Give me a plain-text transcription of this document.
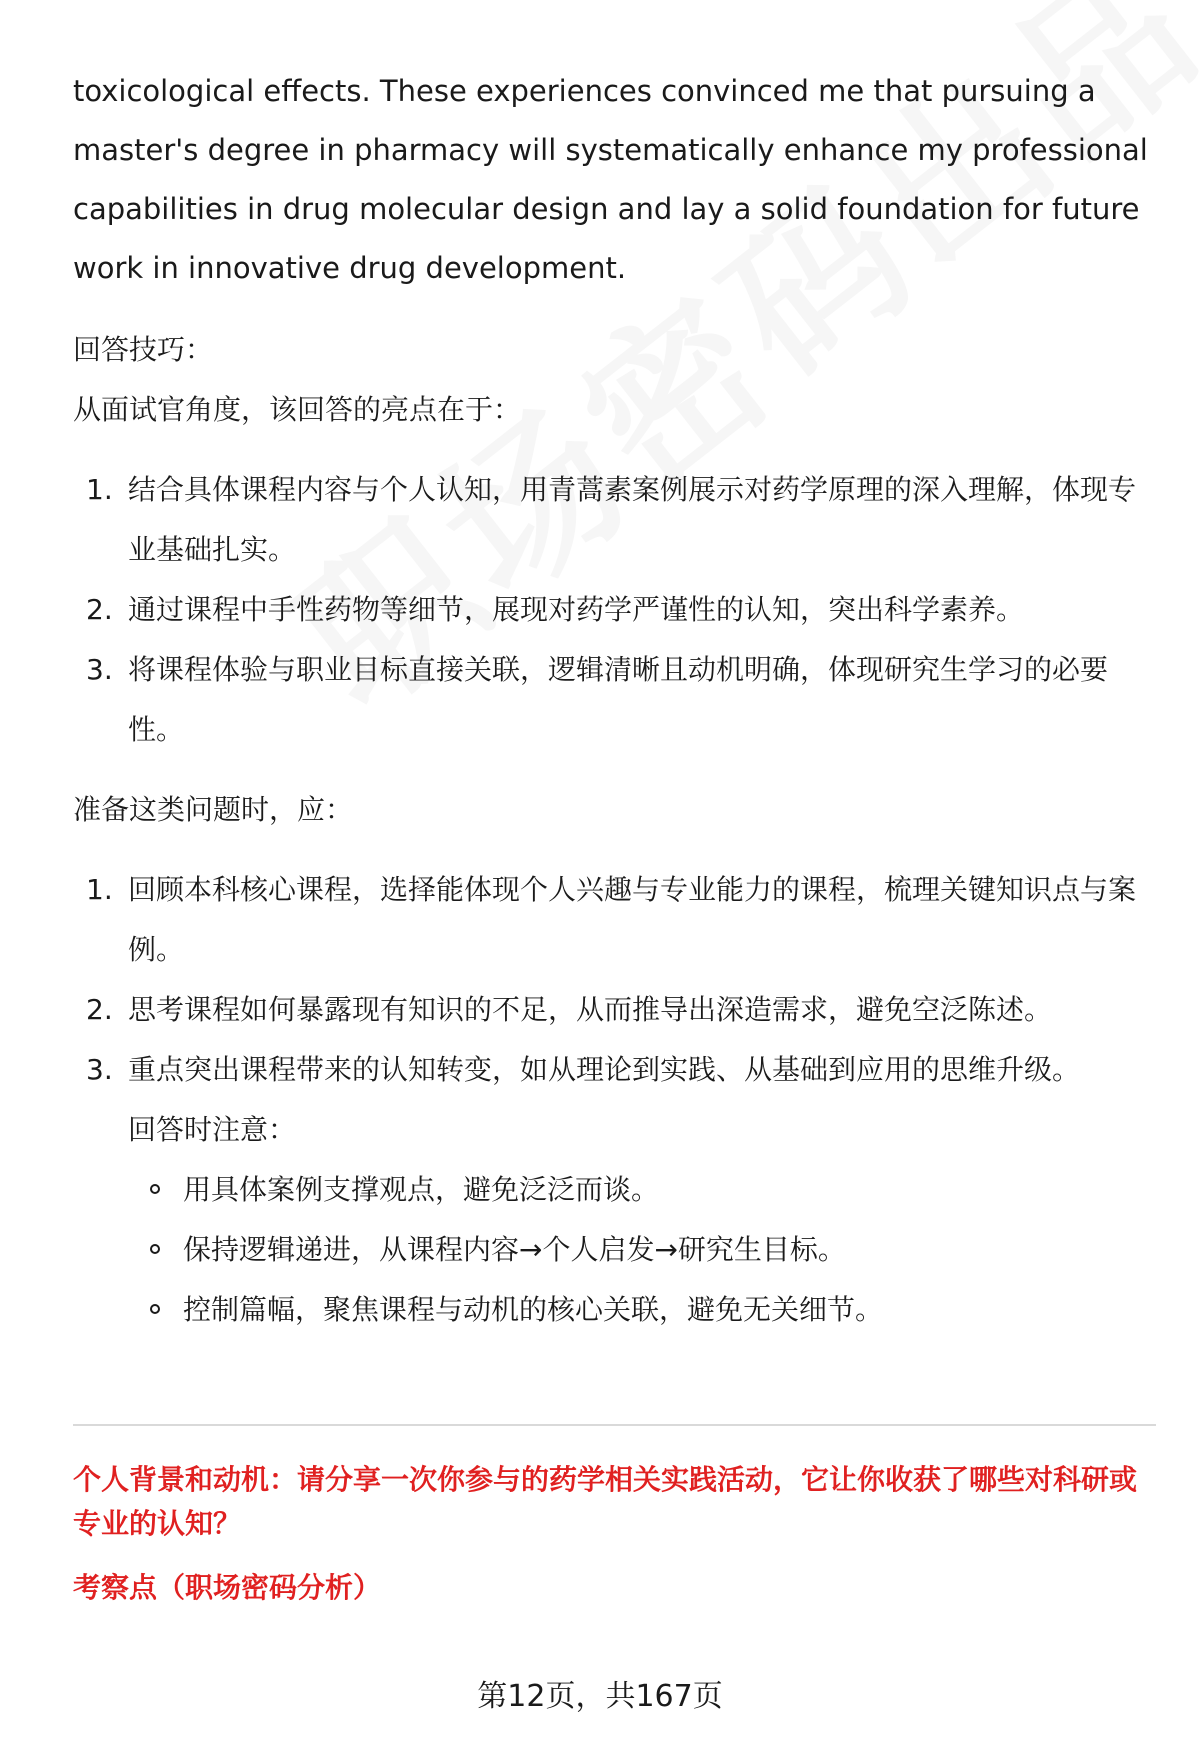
toxicological effects. These experiences convinced me that pursuing a master's degree in pharmacy will systematically enhance my professional capabilities in drug molecular design and lay a solid foundation for future work in innovative drug development.

回答技巧：

从面试官角度，该回答的亮点在于：

1. 结合具体课程内容与个人认知，用青蒿素案例展示对药学原理的深入理解，体现专业基础扎实。
2. 通过课程中手性药物等细节，展现对药学严谨性的认知，突出科学素养。
3. 将课程体验与职业目标直接关联，逻辑清晰且动机明确，体现研究生学习的必要性。

准备这类问题时，应：

1. 回顾本科核心课程，选择能体现个人兴趣与专业能力的课程，梳理关键知识点与案例。
2. 思考课程如何暴露现有知识的不足，从而推导出深造需求，避免空泛陈述。
3. 重点突出课程带来的认知转变，如从理论到实践、从基础到应用的思维升级。
回答时注意：
用具体案例支撑观点，避免泛泛而谈。
保持逻辑递进，从课程内容→个人启发→研究生目标。
控制篇幅，聚焦课程与动机的核心关联，避免无关细节。

个人背景和动机：请分享一次你参与的药学相关实践活动，它让你收获了哪些对科研或专业的认知？

考察点（职场密码分析）

第12页，共167页
